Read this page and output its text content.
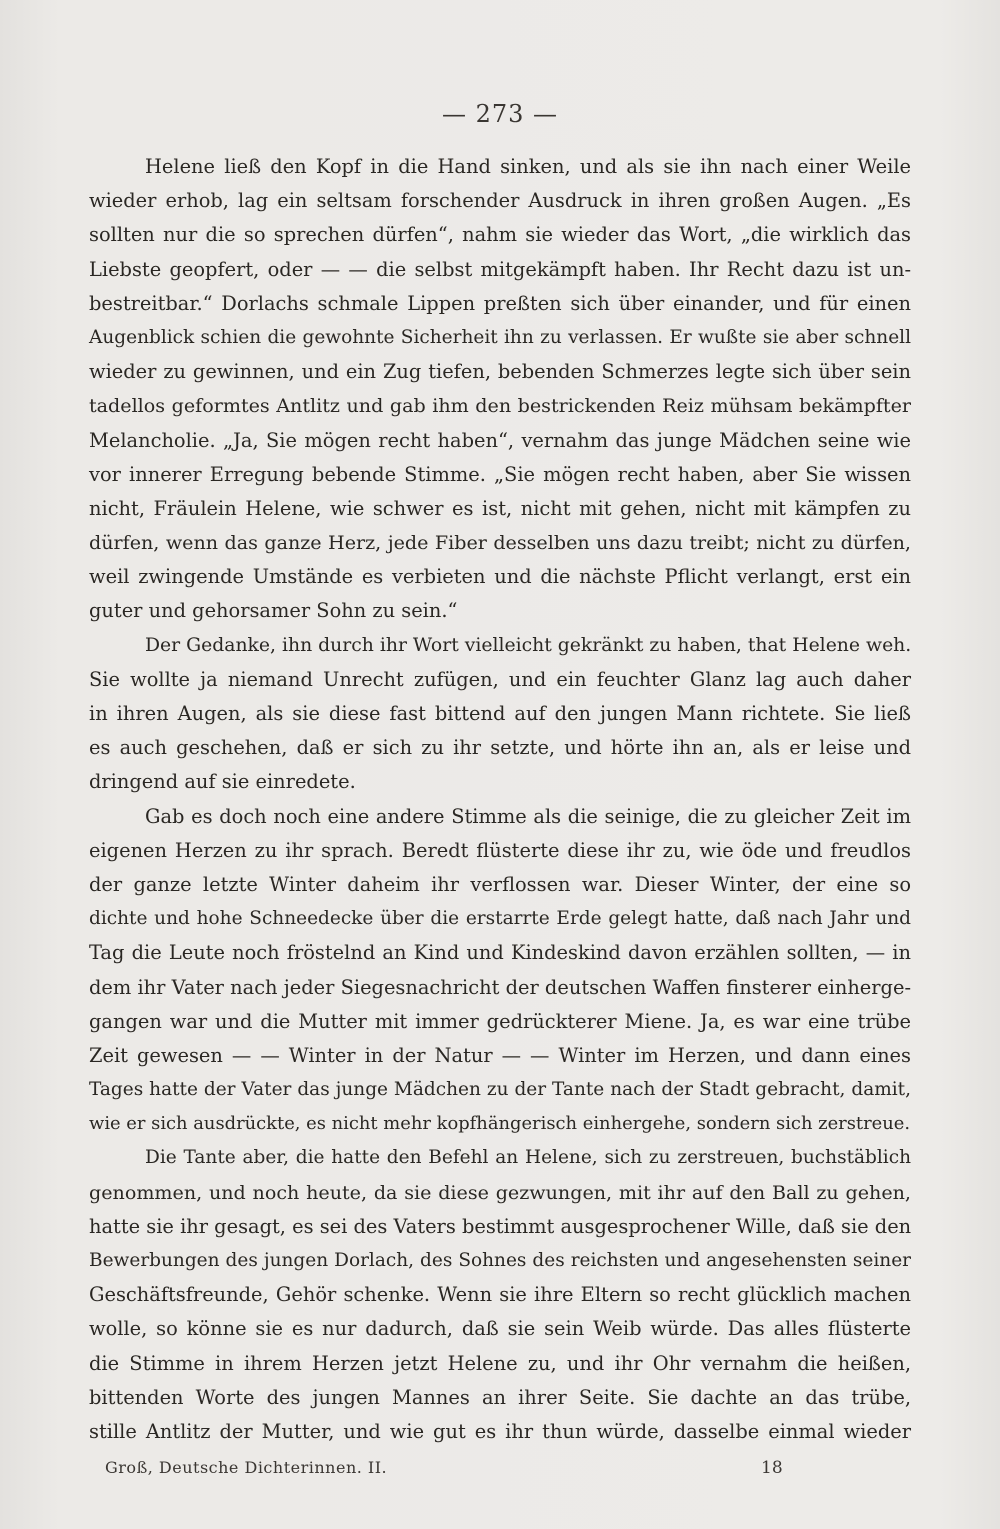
— 273 —
Helene ließ den Kopf in die Hand sinken, und als sie ihn nach einer Weile
wieder erhob, lag ein seltsam forschender Ausdruck in ihren großen Augen. „Es
sollten nur die so sprechen dürfen“, nahm sie wieder das Wort, „die wirklich das
Liebste geopfert, oder — — die selbst mitgekämpft haben. Ihr Recht dazu ist un-
bestreitbar.“ Dorlachs schmale Lippen preßten sich über einander, und für einen
Augenblick schien die gewohnte Sicherheit ihn zu verlassen. Er wußte sie aber schnell
wieder zu gewinnen, und ein Zug tiefen, bebenden Schmerzes legte sich über sein
tadellos geformtes Antlitz und gab ihm den bestrickenden Reiz mühsam bekämpfter
Melancholie. „Ja, Sie mögen recht haben“, vernahm das junge Mädchen seine wie
vor innerer Erregung bebende Stimme. „Sie mögen recht haben, aber Sie wissen
nicht, Fräulein Helene, wie schwer es ist, nicht mit gehen, nicht mit kämpfen zu
dürfen, wenn das ganze Herz, jede Fiber desselben uns dazu treibt; nicht zu dürfen,
weil zwingende Umstände es verbieten und die nächste Pflicht verlangt, erst ein
guter und gehorsamer Sohn zu sein.“
Der Gedanke, ihn durch ihr Wort vielleicht gekränkt zu haben, that Helene weh.
Sie wollte ja niemand Unrecht zufügen, und ein feuchter Glanz lag auch daher
in ihren Augen, als sie diese fast bittend auf den jungen Mann richtete. Sie ließ
es auch geschehen, daß er sich zu ihr setzte, und hörte ihn an, als er leise und
dringend auf sie einredete.
Gab es doch noch eine andere Stimme als die seinige, die zu gleicher Zeit im
eigenen Herzen zu ihr sprach. Beredt flüsterte diese ihr zu, wie öde und freudlos
der ganze letzte Winter daheim ihr verflossen war. Dieser Winter, der eine so
dichte und hohe Schneedecke über die erstarrte Erde gelegt hatte, daß nach Jahr und
Tag die Leute noch fröstelnd an Kind und Kindeskind davon erzählen sollten, — in
dem ihr Vater nach jeder Siegesnachricht der deutschen Waffen finsterer einherge-
gangen war und die Mutter mit immer gedrückterer Miene. Ja, es war eine trübe
Zeit gewesen — — Winter in der Natur — — Winter im Herzen, und dann eines
Tages hatte der Vater das junge Mädchen zu der Tante nach der Stadt gebracht, damit,
wie er sich ausdrückte, es nicht mehr kopfhängerisch einhergehe, sondern sich zerstreue.
Die Tante aber, die hatte den Befehl an Helene, sich zu zerstreuen, buchstäblich
genommen, und noch heute, da sie diese gezwungen, mit ihr auf den Ball zu gehen,
hatte sie ihr gesagt, es sei des Vaters bestimmt ausgesprochener Wille, daß sie den
Bewerbungen des jungen Dorlach, des Sohnes des reichsten und angesehensten seiner
Geschäftsfreunde, Gehör schenke. Wenn sie ihre Eltern so recht glücklich machen
wolle, so könne sie es nur dadurch, daß sie sein Weib würde. Das alles flüsterte
die Stimme in ihrem Herzen jetzt Helene zu, und ihr Ohr vernahm die heißen,
bittenden Worte des jungen Mannes an ihrer Seite. Sie dachte an das trübe,
stille Antlitz der Mutter, und wie gut es ihr thun würde, dasselbe einmal wieder
Groß, Deutsche Dichterinnen. II.	18
